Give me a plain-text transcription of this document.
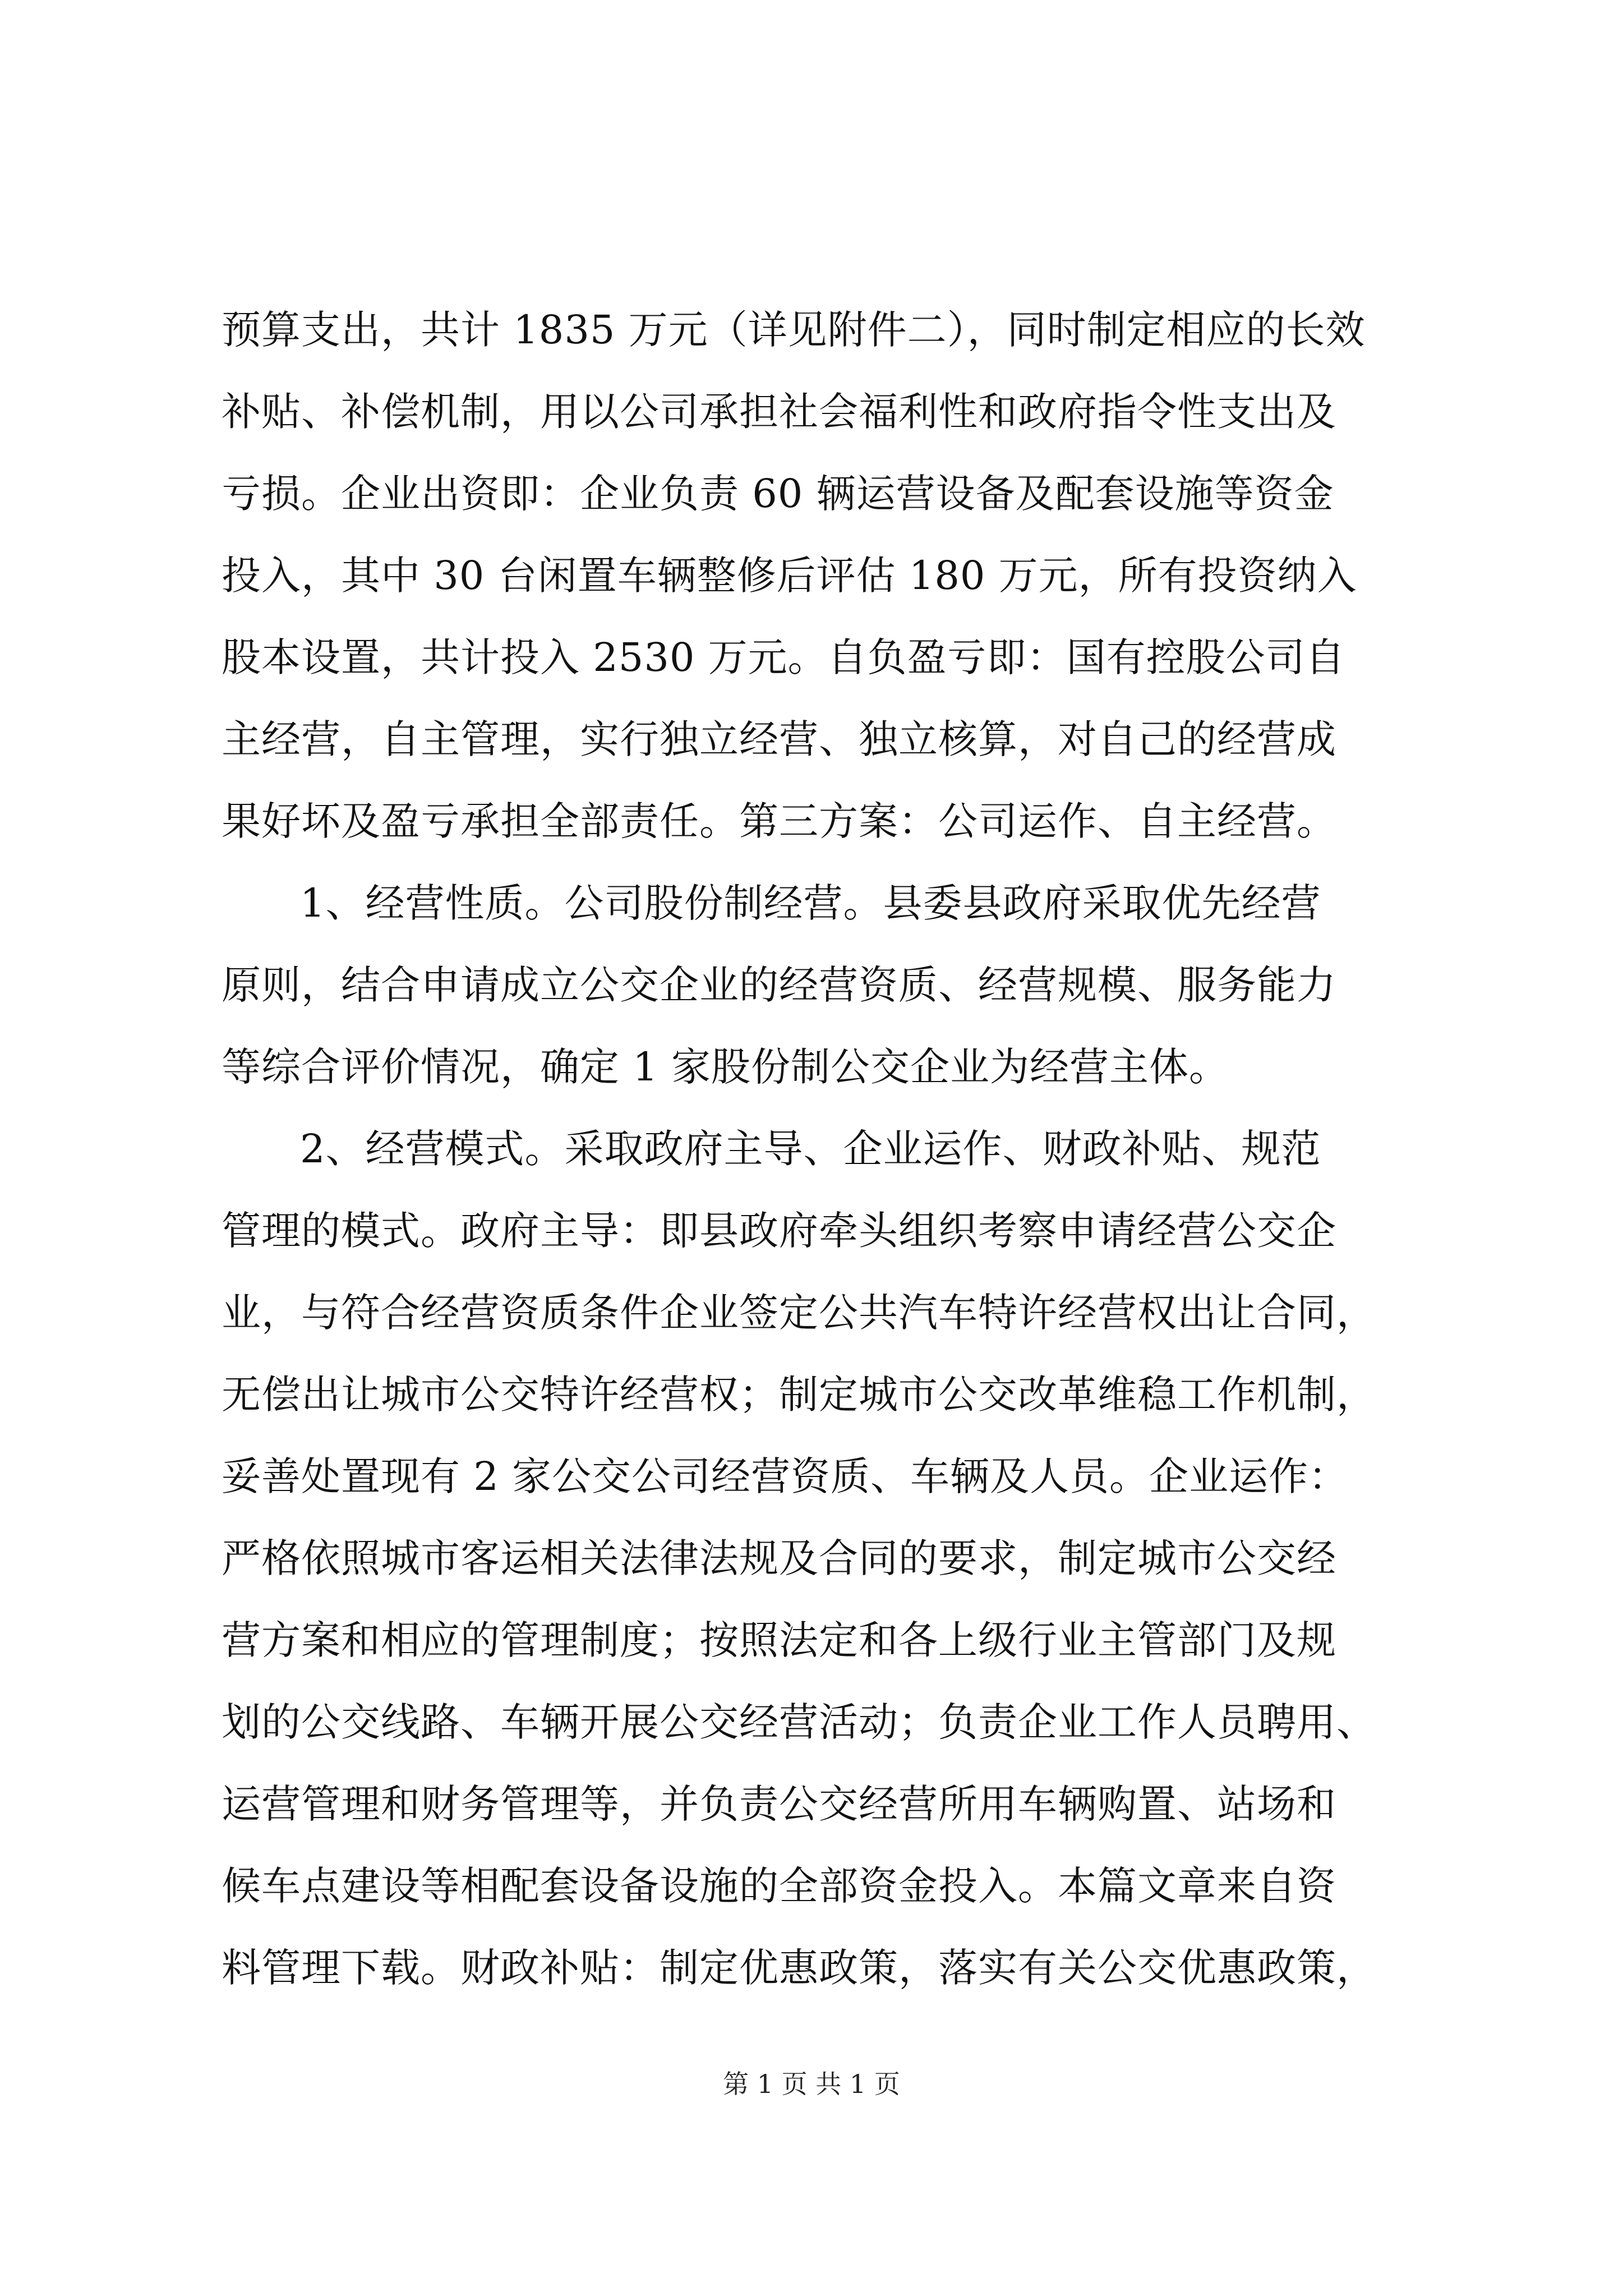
预算支出，共计 1835 万元（详见附件二），同时制定相应的长效
补贴、补偿机制，用以公司承担社会福利性和政府指令性支出及
亏损。企业出资即：企业负责 60 辆运营设备及配套设施等资金
投入，其中 30 台闲置车辆整修后评估 180 万元，所有投资纳入
股本设置，共计投入 2530 万元。自负盈亏即：国有控股公司自
主经营，自主管理，实行独立经营、独立核算，对自己的经营成
果好坏及盈亏承担全部责任。第三方案：公司运作、自主经营。
1、经营性质。公司股份制经营。县委县政府采取优先经营
原则，结合申请成立公交企业的经营资质、经营规模、服务能力
等综合评价情况，确定 1 家股份制公交企业为经营主体。
2、经营模式。采取政府主导、企业运作、财政补贴、规范
管理的模式。政府主导：即县政府牵头组织考察申请经营公交企
业，与符合经营资质条件企业签定公共汽车特许经营权出让合同，
无偿出让城市公交特许经营权；制定城市公交改革维稳工作机制，
妥善处置现有 2 家公交公司经营资质、车辆及人员。企业运作：
严格依照城市客运相关法律法规及合同的要求，制定城市公交经
营方案和相应的管理制度；按照法定和各上级行业主管部门及规
划的公交线路、车辆开展公交经营活动；负责企业工作人员聘用、
运营管理和财务管理等，并负责公交经营所用车辆购置、站场和
候车点建设等相配套设备设施的全部资金投入。本篇文章来自资
料管理下载。财政补贴：制定优惠政策，落实有关公交优惠政策，
第 1 页 共 1 页
